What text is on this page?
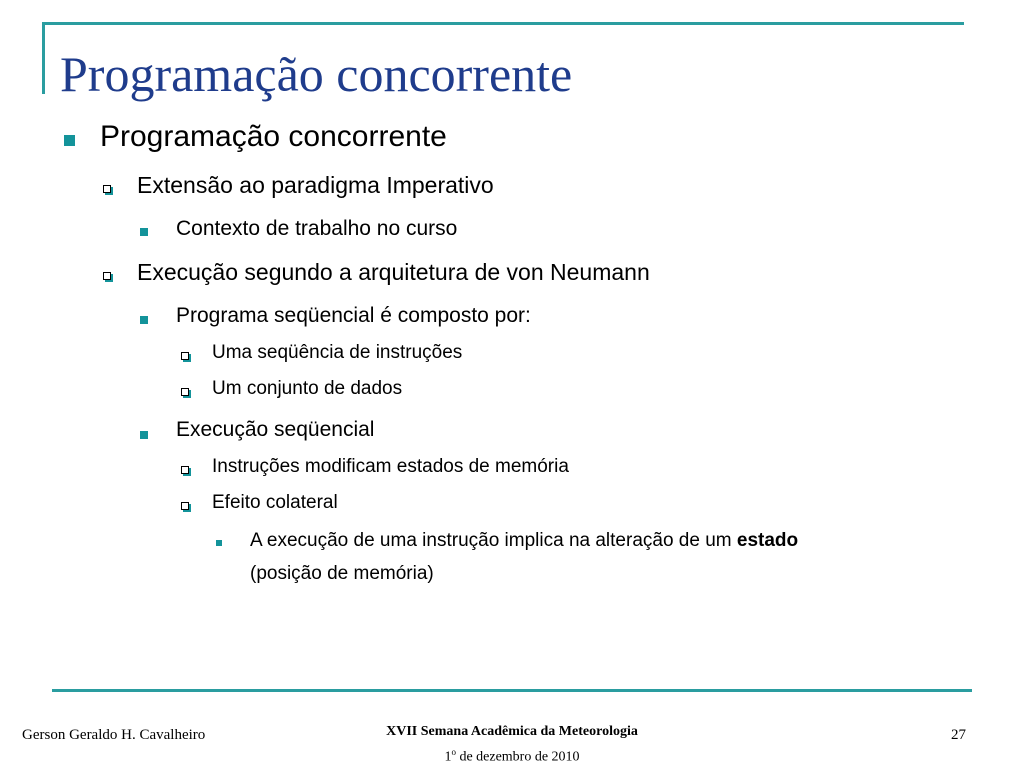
Programação concorrente
Programação concorrente
Extensão ao paradigma Imperativo
Contexto de trabalho no curso
Execução segundo a arquitetura de von Neumann
Programa seqüencial é composto por:
Uma seqüência de instruções
Um conjunto de dados
Execução seqüencial
Instruções modificam estados de memória
Efeito colateral
A execução de uma instrução implica na alteração de um estado
(posição de memória)
Gerson Geraldo H. Cavalheiro	XVII Semana Acadêmica da Meteorologia
1$^o$ de dezembro de 2010
27
